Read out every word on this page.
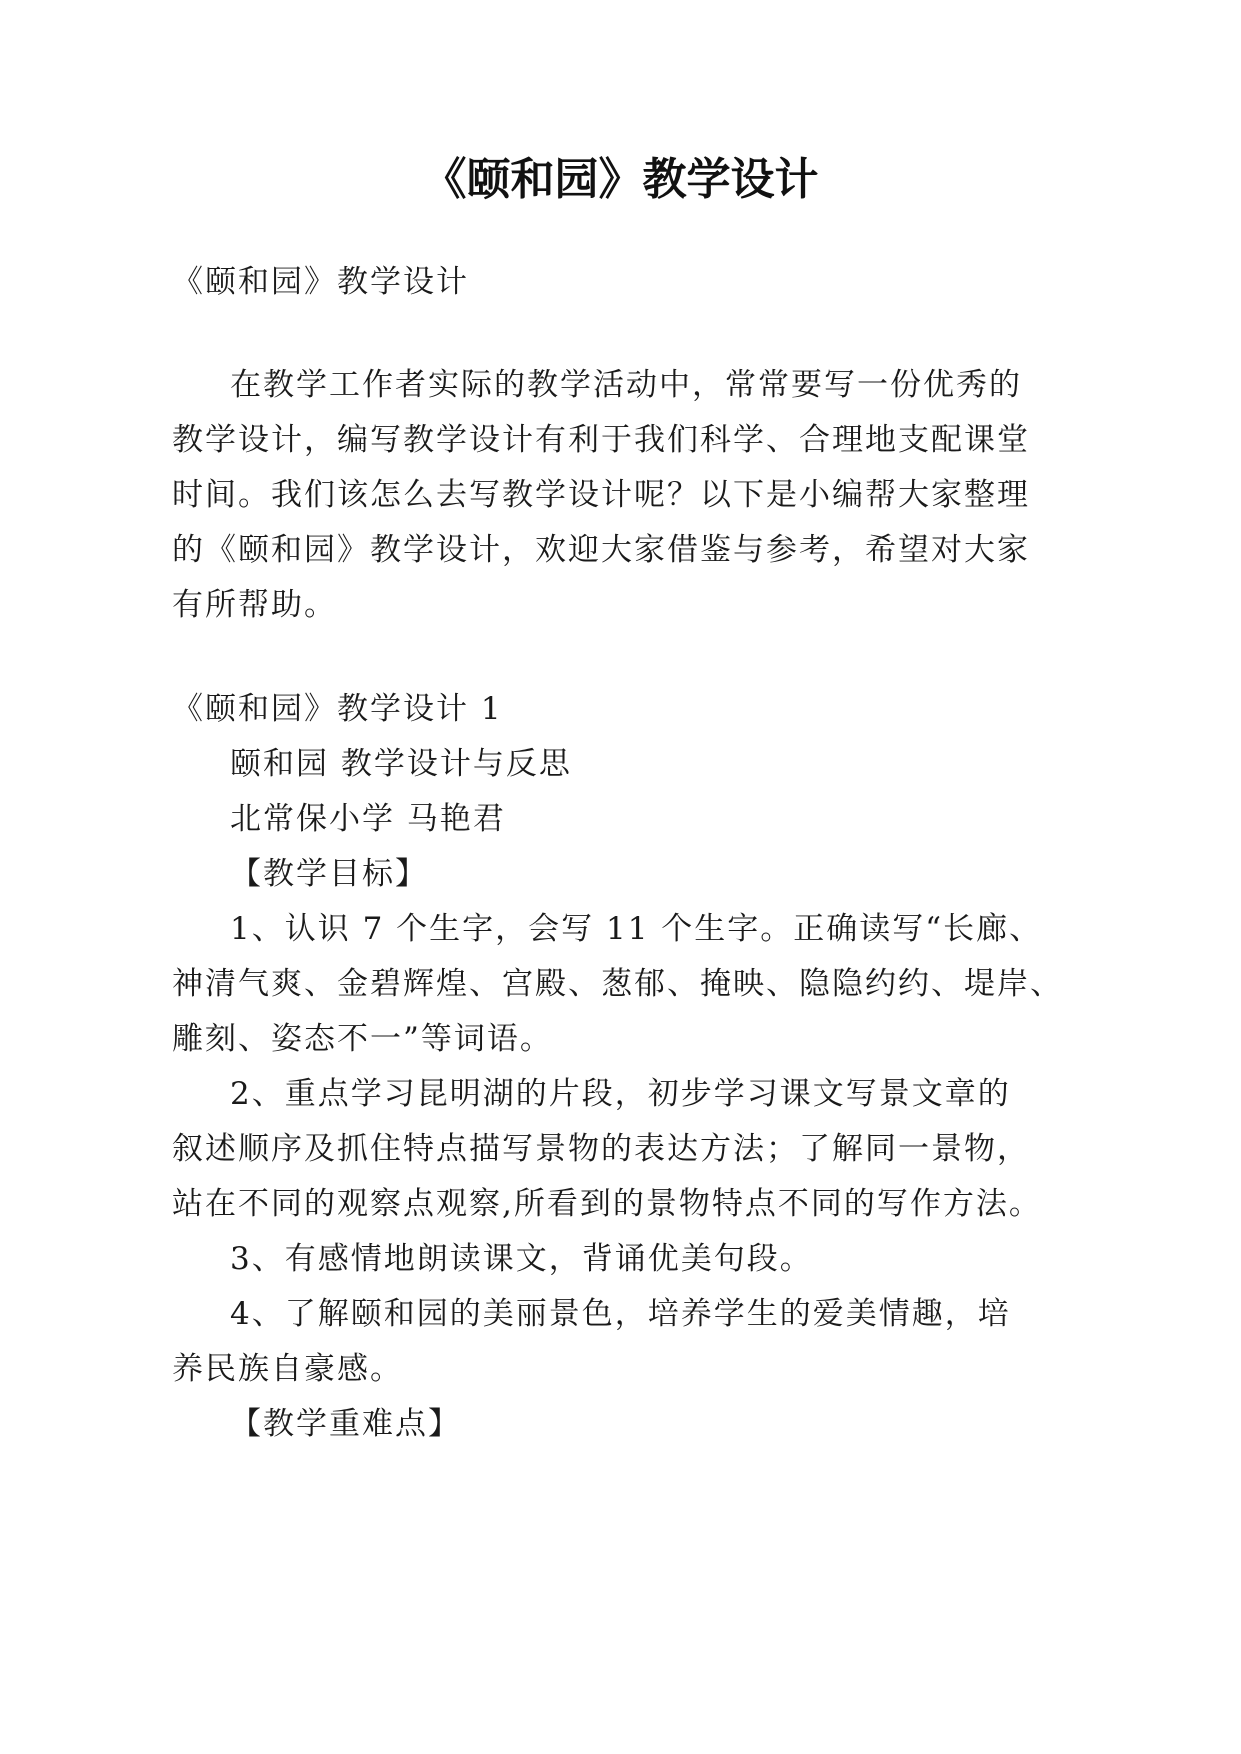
《颐和园》教学设计
《颐和园》教学设计
在教学工作者实际的教学活动中，常常要写一份优秀的
教学设计，编写教学设计有利于我们科学、合理地支配课堂
时间。我们该怎么去写教学设计呢？以下是小编帮大家整理
的《颐和园》教学设计，欢迎大家借鉴与参考，希望对大家
有所帮助。
《颐和园》教学设计 1
颐和园 教学设计与反思
北常保小学 马艳君
【教学目标】
1、认识 7 个生字，会写 11 个生字。正确读写“长廊、
神清气爽、金碧辉煌、宫殿、葱郁、掩映、隐隐约约、堤岸、
雕刻、姿态不一”等词语。
2、重点学习昆明湖的片段，初步学习课文写景文章的
叙述顺序及抓住特点描写景物的表达方法；了解同一景物，
站在不同的观察点观察,所看到的景物特点不同的写作方法。
3、有感情地朗读课文，背诵优美句段。
4、了解颐和园的美丽景色，培养学生的爱美情趣，培
养民族自豪感。
【教学重难点】
